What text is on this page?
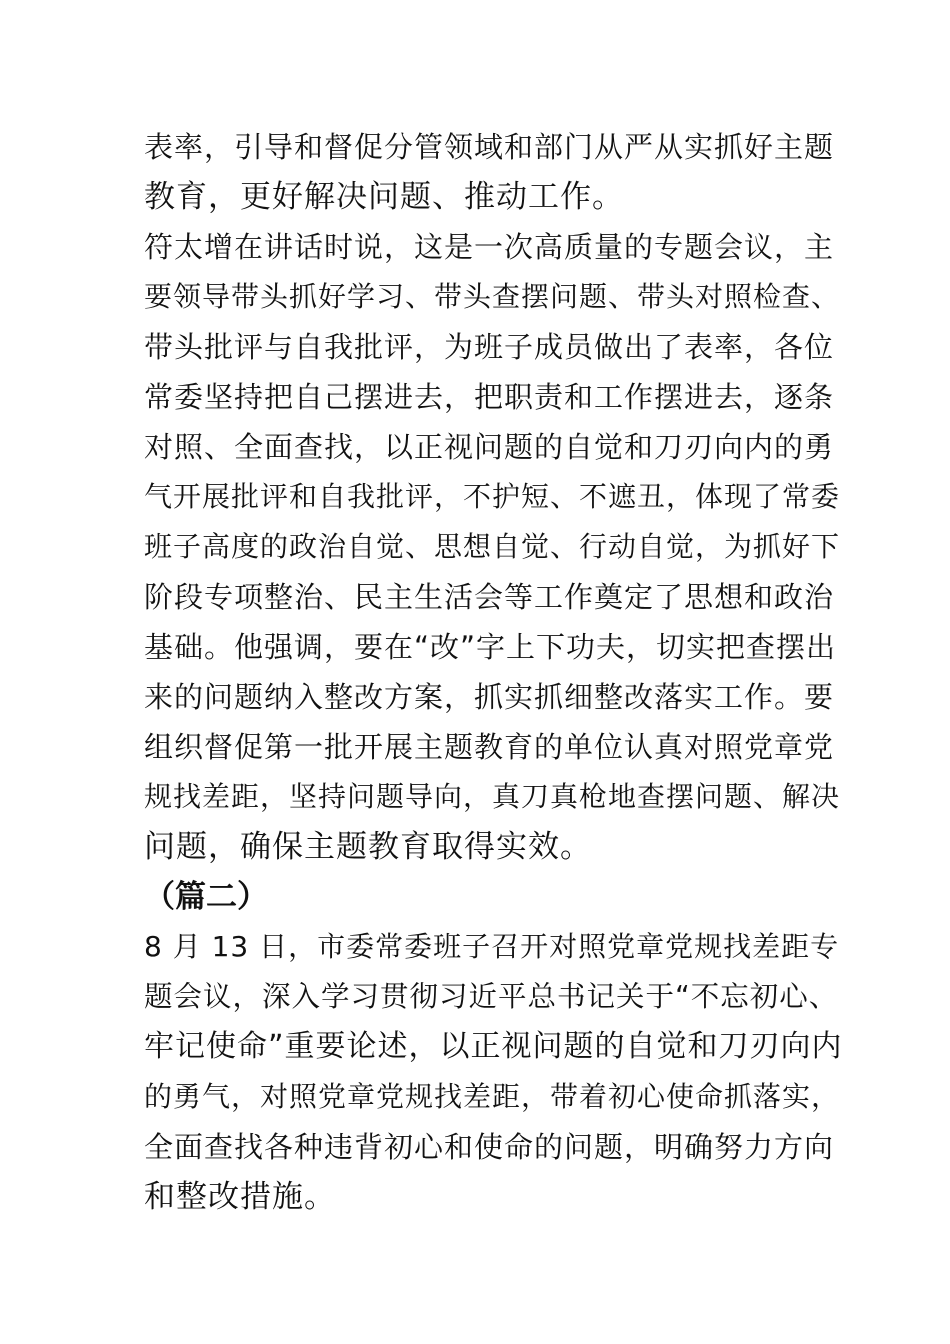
表率，引导和督促分管领域和部门从严从实抓好主题
教育，更好解决问题、推动工作。
符太增在讲话时说，这是一次高质量的专题会议，主
要领导带头抓好学习、带头查摆问题、带头对照检查、
带头批评与自我批评，为班子成员做出了表率，各位
常委坚持把自己摆进去，把职责和工作摆进去，逐条
对照、全面查找，以正视问题的自觉和刀刃向内的勇
气开展批评和自我批评，不护短、不遮丑，体现了常委
班子高度的政治自觉、思想自觉、行动自觉，为抓好下
阶段专项整治、民主生活会等工作奠定了思想和政治
基础。他强调，要在“改”字上下功夫，切实把查摆出
来的问题纳入整改方案，抓实抓细整改落实工作。要
组织督促第一批开展主题教育的单位认真对照党章党
规找差距，坚持问题导向，真刀真枪地查摆问题、解决
问题，确保主题教育取得实效。
（篇二）
8 月 13 日，市委常委班子召开对照党章党规找差距专
题会议，深入学习贯彻习近平总书记关于“不忘初心、
牢记使命”重要论述，以正视问题的自觉和刀刃向内
的勇气，对照党章党规找差距，带着初心使命抓落实，
全面查找各种违背初心和使命的问题，明确努力方向
和整改措施。
